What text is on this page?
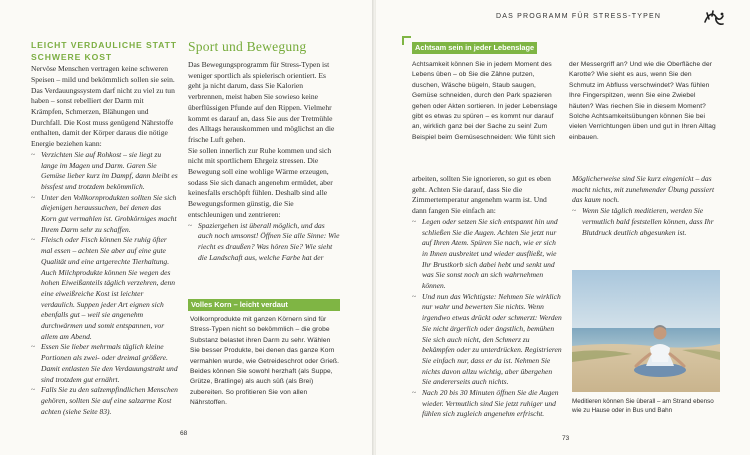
LEICHT VERDAULICHE STATT SCHWERE KOST

Nervöse Menschen vertragen keine schweren Speisen – mild und bekömmlich sollen sie sein. Das Verdauungssystem darf nicht zu viel zu tun haben – sonst rebelliert der Darm mit Krämpfen, Schmerzen, Blähungen und Durchfall. Die Kost muss genügend Nährstoffe enthalten, damit der Körper daraus die nötige Energie beziehen kann:

~ Verzichten Sie auf Rohkost – sie liegt zu lange im Magen und Darm. Garen Sie Gemüse lieber kurz im Dampf, dann bleibt es bissfest und trotzdem bekömmlich.
~ Unter den Vollkornprodukten sollten Sie sich diejenigen heraussuchen, bei denen das Korn gut vermahlen ist. Grobkörniges macht Ihrem Darm sehr zu schaffen.
~ Fleisch oder Fisch können Sie ruhig öfter mal essen – achten Sie aber auf eine gute Qualität und eine artgerechte Tierhaltung. Auch Milchprodukte können Sie wegen des hohen Eiweißanteils täglich verzehren, denn eine eiweißreiche Kost ist leichter verdaulich. Suppen jeder Art eignen sich ebenfalls gut – weil sie angenehm durchwärmen und somit entspannen, vor allem am Abend.
~ Essen Sie lieber mehrmals täglich kleine Portionen als zwei- oder dreimal größere. Damit entlasten Sie den Verdauungstrakt und sind trotzdem gut ernährt.
~ Falls Sie zu den salzempfindlichen Menschen gehören, sollten Sie auf eine salzarme Kost achten (siehe Seite 83).
Sport und Bewegung

Das Bewegungsprogramm für Stress-Typen ist weniger sportlich als spielerisch orientiert. Es geht ja nicht darum, dass Sie Kalorien verbrennen, meist haben Sie sowieso keine überflüssigen Pfunde auf den Rippen. Vielmehr kommt es darauf an, dass Sie aus der Tretmühle des Alltags herauskommen und möglichst an die frische Luft gehen.

Sie sollen innerlich zur Ruhe kommen und sich nicht mit sportlichem Ehrgeiz stressen. Die Bewegung soll eine wohlige Wärme erzeugen, sodass Sie sich danach angenehm ermüdet, aber keinesfalls erschöpft fühlen. Deshalb sind alle Bewegungsformen günstig, die Sie entschleunigen und zentrieren:

~ Spaziergehen ist überall möglich, und das auch noch umsonst! Öffnen Sie alle Sinne: Wie riecht es draußen? Was hören Sie? Wie sieht die Landschaft aus, welche Farbe hat der
Volles Korn – leicht verdaut

Vollkornprodukte mit ganzen Körnern sind für Stress-Typen nicht so bekömmlich – die grobe Substanz belastet ihren Darm zu sehr. Wählen Sie besser Produkte, bei denen das ganze Korn vermahlen wurde, wie Getreideschrot oder Grieß. Beides können Sie sowohl herzhaft (als Suppe, Grütze, Bratlinge) als auch süß (als Brei) zubereiten. So profitieren Sie von allen Nährstoffen.

68
DAS PROGRAMM FÜR STRESS-TYPEN
Achtsam sein in jeder Lebenslage

Achtsamkeit können Sie in jedem Moment des Lebens üben – ob Sie die Zähne putzen, duschen, Wäsche bügeln, Staub saugen, Gemüse schneiden, durch den Park spazieren gehen oder Akten sortieren. In jeder Lebenslage gibt es etwas zu spüren – es kommt nur darauf an, wirklich ganz bei der Sache zu sein! Zum Beispiel beim Gemüseschneiden: Wie fühlt sich

der Messergriff an? Und wie die Oberfläche der Karotte? Wie sieht es aus, wenn Sie den Schmutz im Abfluss verschwindet? Was fühlen Ihre Fingerspitzen, wenn Sie eine Zwiebel häuten? Was riechen Sie in diesem Moment? Solche Achtsamkeitsübungen können Sie bei vielen Verrichtungen üben und gut in Ihren Alltag einbauen.

arbeiten, sollten Sie ignorieren, so gut es eben geht. Achten Sie darauf, dass Sie die Zimmertemperatur angenehm warm ist. Und dann fangen Sie einfach an:

~ Legen oder setzen Sie sich entspannt hin und schließen Sie die Augen. Achten Sie jetzt nur auf Ihren Atem. Spüren Sie nach, wie er sich in Ihnen ausbreitet und wieder ausfließt, wie Ihr Brustkorb sich dabei hebt und senkt und was Sie sonst noch an sich wahrnehmen können.
~ Und nun das Wichtigste: Nehmen Sie wirklich nur wahr und bewerten Sie nichts. Wenn irgendwo etwas drückt oder schmerzt: Werden Sie nicht ärgerlich oder ängstlich, bemühen Sie sich auch nicht, den Schmerz zu bekämpfen oder zu unterdrücken. Registrieren Sie einfach nur, dass er da ist. Nehmen Sie nichts davon allzu wichtig, aber übergehen Sie andererseits auch nichts.
~ Nach 20 bis 30 Minuten öffnen Sie die Augen wieder. Vermutlich sind Sie jetzt ruhiger und fühlen sich zugleich angenehm erfrischt.

Möglicherweise sind Sie kurz eingenickt – das macht nichts, mit zunehmender Übung passiert das kaum noch.

~ Wenn Sie täglich meditieren, werden Sie vermutlich bald feststellen können, dass Ihr Blutdruck deutlich abgesunken ist.

Meditieren können Sie überall – am Strand ebenso wie zu Hause oder in Bus und Bahn

73
